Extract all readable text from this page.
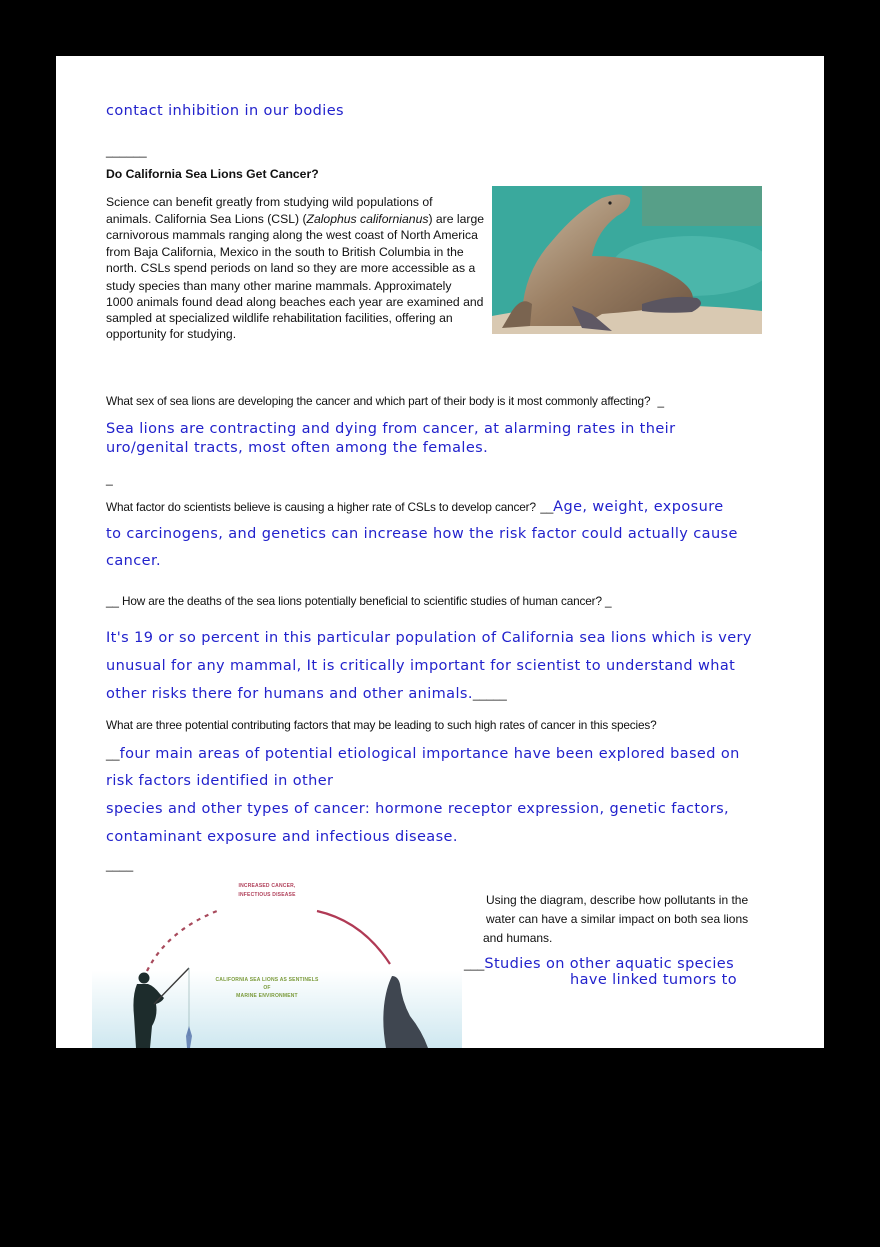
contact inhibition in our bodies
______
Do California Sea Lions Get Cancer?

Science can benefit greatly from studying wild populations of

animals. California Sea Lions (CSL) (Zalophus californianus) are large

carnivorous mammals ranging along the west coast of North America

from Baja California, Mexico in the south to British Columbia in the

north. CSLs spend periods on land so they are more accessible as a

study species than many other marine mammals. Approximately

1000 animals found dead along beaches each year are examined and

sampled at specialized wildlife rehabilitation facilities, offering an

opportunity for studying.

What sex of sea lions are developing the cancer and which part of their body is it most commonly affecting? _
Sea lions are contracting and dying from cancer, at alarming rates in their
uro/genital tracts, most often among the females.
_
What factor do scientists believe is causing a higher rate of CSLs to develop cancer? __Age, weight, exposure
to carcinogens, and genetics can increase how the risk factor could actually cause
cancer.
__ How are the deaths of the sea lions potentially beneficial to scientific studies of human cancer? _
It's 19 or so percent in this particular population of California sea lions which is very
unusual for any mammal, It is critically important for scientist to understand what
other risks there for humans and other animals._____
What are three potential contributing factors that may be leading to such high rates of cancer in this species?
__four main areas of potential etiological importance have been explored based on
risk factors identified in other
species and other types of cancer: hormone receptor expression, genetic factors,
contaminant exposure and infectious disease.
____
INCREASED CANCER,
INFECTIOUS DISEASE
CALIFORNIA SEA LIONS AS SENTINELS
OF
MARINE ENVIRONMENT
Using the diagram, describe how pollutants in the
water can have a similar impact on both sea lions
and humans.
___Studies on other aquatic species
have linked tumors to
